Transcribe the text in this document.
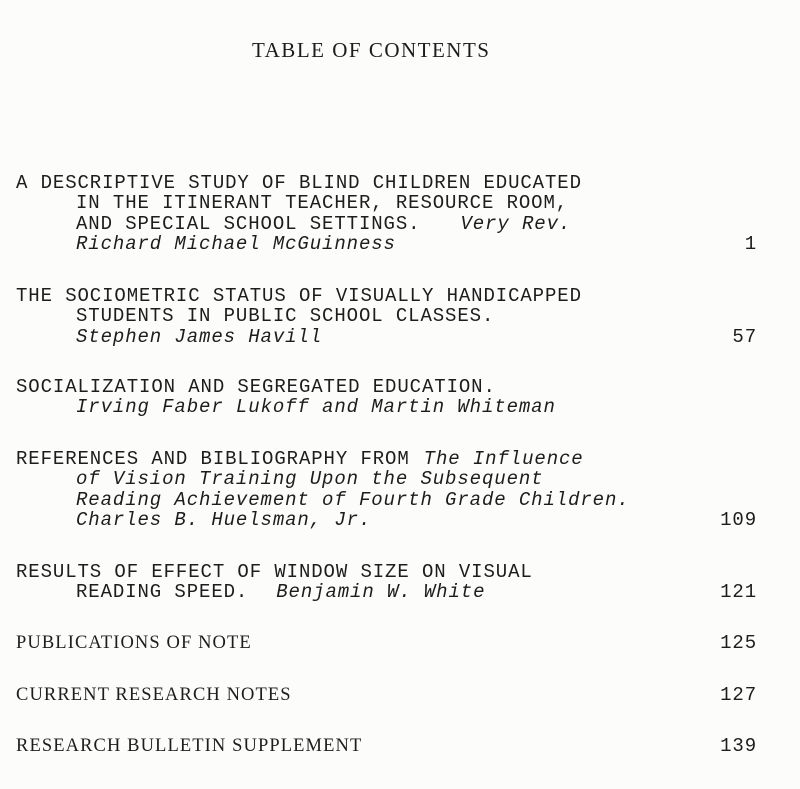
TABLE OF CONTENTS
A DESCRIPTIVE STUDY OF BLIND CHILDREN EDUCATED
IN THE ITINERANT TEACHER, RESOURCE ROOM,
AND SPECIAL SCHOOL SETTINGS. Very Rev.
Richard Michael McGuinness	1
THE SOCIOMETRIC STATUS OF VISUALLY HANDICAPPED
STUDENTS IN PUBLIC SCHOOL CLASSES.
Stephen James Havill	57
SOCIALIZATION AND SEGREGATED EDUCATION.
Irving Faber Lukoff and Martin Whiteman
REFERENCES AND BIBLIOGRAPHY FROM The Influence
of Vision Training Upon the Subsequent
Reading Achievement of Fourth Grade Children.
Charles B. Huelsman, Jr.	109
RESULTS OF EFFECT OF WINDOW SIZE ON VISUAL
READING SPEED. Benjamin W. White	121
PUBLICATIONS OF NOTE	125
CURRENT RESEARCH NOTES	127
RESEARCH BULLETIN SUPPLEMENT	139
